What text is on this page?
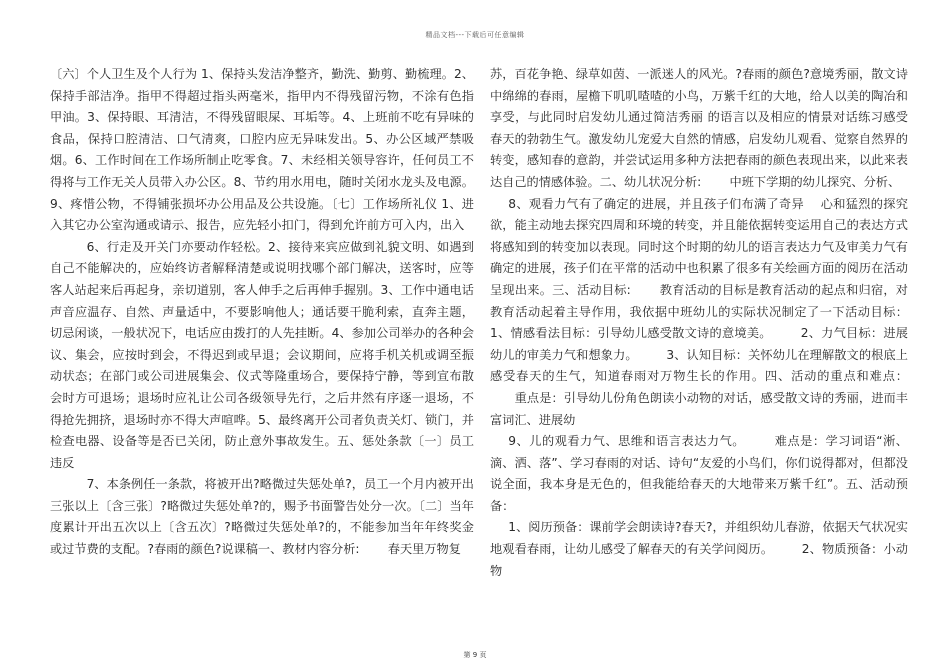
精品文档---下载后可任意编辑

〔六〕个人卫生及个人行为 1、保持头发洁净整齐，勤洗、勤剪、勤梳理。2、保持手部洁净。指甲不得超过指头两毫米，指甲内不得残留污物，不涂有色指甲油。3、保持眼、耳清洁，不得残留眼屎、耳垢等。4、上班前不吃有异味的食品，保持口腔清洁、口气清爽，口腔内应无异味发出。5、办公区域严禁吸烟。6、工作时间在工作场所制止吃零食。7、未经相关领导容许，任何员工不得将与工作无关人员带入办公区。8、节约用水用电，随时关闭水龙头及电源。9、疼惜公物，不得铺张损坏办公用品及公共设施。〔七〕工作场所礼仪 1、进入其它办公室沟通或请示、报告，应先轻小扣门，得到允许前方可入内，出入

6、行走及开关门亦要动作轻松。2、接待来宾应做到礼貌文明、如遇到自己不能解决的，应始终访者解释清楚或说明找哪个部门解决，送客时，应等客人站起来后再起身，亲切道别，客人伸手之后再伸手握别。3、工作中通电话声音应温存、自然、声量适中，不要影响他人；通话要干脆利索，直奔主题，切忌闲谈，一般状况下，电话应由拨打的人先挂断。4、参加公司举办的各种会议、集会，应按时到会，不得迟到或早退；会议期间，应将手机关机或调至振动状态；在部门或公司进展集会、仪式等隆重场合，要保持宁静，等到宣布散会时方可退场；退场时应礼让公司各级领导先行，之后井然有序逐一退场，不得抢先拥挤，退场时亦不得大声喧哗。5、最终离开公司者负责关灯、锁门，并检查电器、设备等是否已关闭，防止意外事故发生。五、惩处条款〔一〕员工违反

7、本条例任一条款，将被开出?略微过失惩处单?，员工一个月内被开出三张以上〔含三张〕?略微过失惩处单?的，赐予书面警告处分一次。〔二〕当年度累计开出五次以上〔含五次〕?略微过失惩处单?的，不能参加当年年终奖金或过节费的支配。?春雨的颜色?说课稿一、教材内容分析: 　　春天里万物复

苏，百花争艳、绿草如茵、一派迷人的风光。?春雨的颜色?意境秀丽，散文诗中绵绵的春雨，屋檐下叽叽喳喳的小鸟，万紫千红的大地，给人以美的陶冶和享受，与此同时启发幼儿通过简洁秀丽 的语言以及相应的情景对话练习感受春天的勃勃生气。激发幼儿宠爱大自然的情感，启发幼儿观看、觉察自然界的转变，感知春的意韵，并尝试运用多种方法把春雨的颜色表现出来，以此来表达自己的情感体验。二、幼儿状况分析: 　　中班下学期的幼儿探究、分析、

8、观看力气有了确定的进展，并且孩子们布满了奇异 　心和猛烈的探究欲，能主动地去探究四周和环境的转变，并且能依据转变运用自己的表达方式将感知到的转变加以表现。同时这个时期的幼儿的语言表达力气及审美力气有确定的进展，孩子们在平常的活动中也积累了很多有关绘画方面的阅历在活动呈现出来。三、活动目标: 　　教育活动的目标是教育活动的起点和归宿，对教育活动起着主导作用，我依据中班幼儿的实际状况制定了一下活动目标：1、情感看法目标：引导幼儿感受散文诗的意境美。 　　2、力气目标：进展幼儿的审美力气和想象力。 　　3、认知目标：关怀幼儿在理解散文的根底上感受春天的生气，知道春雨对万物生长的作用。四、活动的重点和难点： 　　重点是：引导幼儿份角色朗读小动物的对话，感受散文诗的秀丽，进而丰富词汇、进展幼

9、儿的观看力气、思维和语言表达力气。 　　难点是：学习词语“淅、滴、洒、落”、学习春雨的对话、诗句“友爱的小鸟们，你们说得都对，但都没说全面，我本身是无色的，但我能给春天的大地带来万紫千红”。五、活动预备：

1、阅历预备：课前学会朗读诗?春天?，并组织幼儿春游，依据天气状况实地观看春雨，让幼儿感受了解春天的有关学问阅历。 　　2、物质预备：小动物

第 9 页
